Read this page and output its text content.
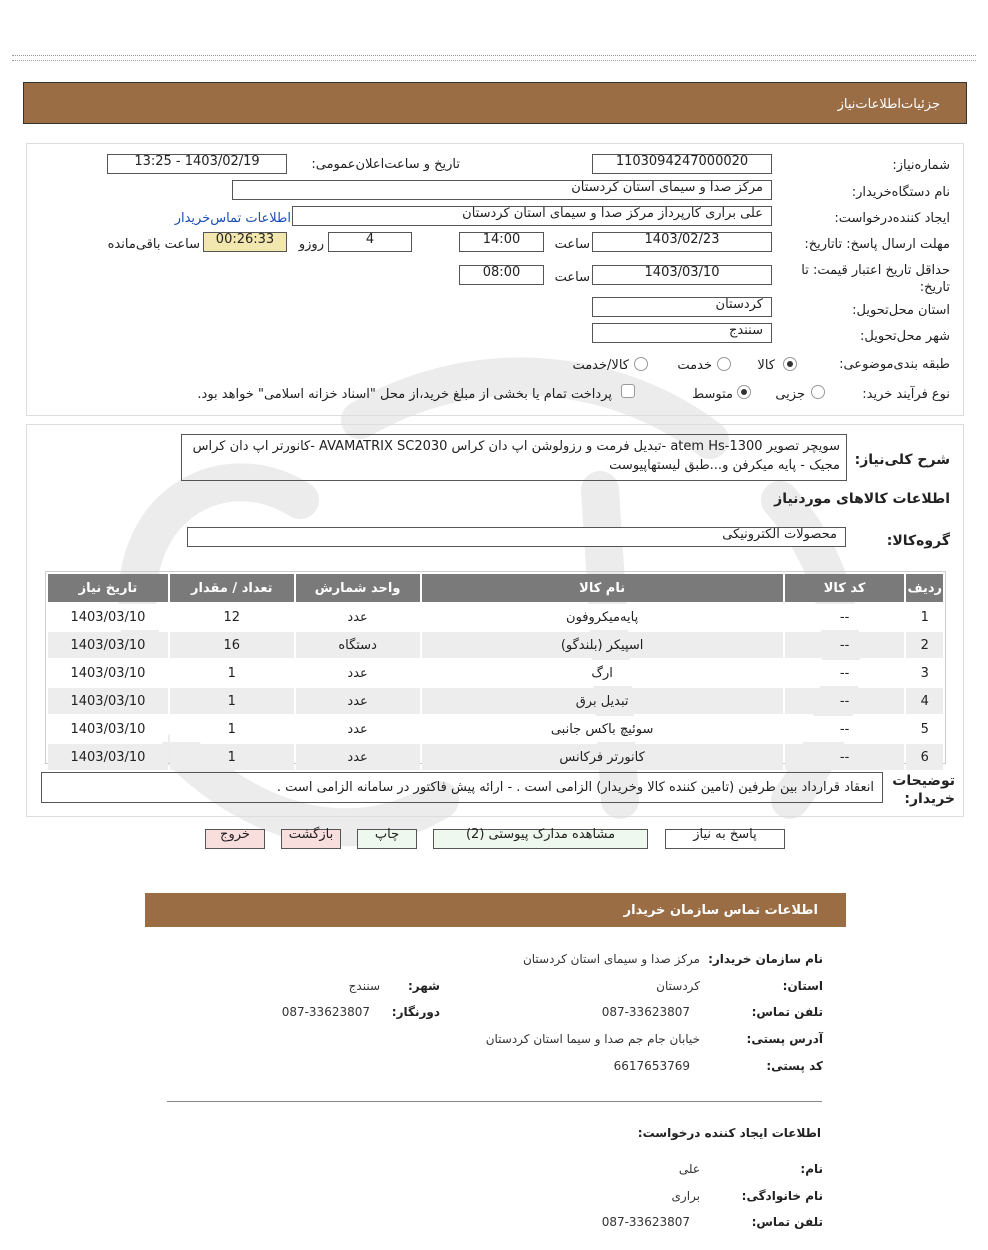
جزئیات‌اطلاعات‌نیاز
شماره‌نیاز:
1103094247000020
تاریخ و ساعت‌اعلان‌عمومی:
1403/02/19 - 13:25
نام دستگاه‌خریدار:
مرکز صدا و سیمای استان کردستان
ایجاد کننده‌درخواست:
علی براری کارپرداز مرکز صدا و سیمای استان کردستان
اطلاعات تماس‌خریدار
مهلت ارسال پاسخ: تاتاریخ:
1403/02/23
ساعت
14:00
4
روزو
00:26:33
ساعت باقی‌مانده
حداقل تاریخ اعتبار قیمت: تا تاریخ:
1403/03/10
ساعت
08:00
استان محل‌تحویل:
کردستان
شهر محل‌تحویل:
سنندج
طبقه بندی‌موضوعی:
کالا
خدمت
کالا/خدمت
نوع فرآیند خرید:
جزیی
متوسط
پرداخت تمام یا بخشی از مبلغ خرید،از محل "اسناد خزانه اسلامی" خواهد بود.
شرح کلی‌نیاز:
سویچر تصویر atem Hs-1300 -تبدیل فرمت و رزولوشن اپ دان کراس AVAMATRIX SC2030 -کانورتر اپ دان کراس مجیک - پایه میکرفن و...طبق لیستهاپیوست
اطلاعات کالاهای موردنیاز
گروه‌کالا:
محصولات الکترونیکی
ردیف	کد کالا	نام کالا	واحد شمارش	تعداد / مقدار	تاریخ نیاز
1	--	پایه‌میکروفون	عدد	12	1403/03/10
2	--	اسپیکر (بلندگو)	دستگاه	16	1403/03/10
3	--	ارگ	عدد	1	1403/03/10
4	--	تبدیل برق	عدد	1	1403/03/10
5	--	سوئیچ باکس جانبی	عدد	1	1403/03/10
6	--	کانورتر فرکانس	عدد	1	1403/03/10
توضیحات خریدار:
انعقاد قرارداد بین طرفین (تامین کننده کالا وخریدار) الزامی است . - ارائه پیش فاکتور در سامانه الزامی است .
پاسخ به نیاز
مشاهده مدارک پیوستی (2)
چاپ
بازگشت
خروج
اطلاعات تماس سازمان خریدار
نام سازمان خریدار:
مرکز صدا و سیمای استان کردستان
استان:
کردستان
شهر:
سنندج
تلفن تماس:
087-33623807
دورنگار:
087-33623807
آدرس پستی:
خیابان جام جم صدا و سیما استان کردستان
کد پستی:
6617653769
اطلاعات ایجاد کننده درخواست:
نام:
علی
نام خانوادگی:
براری
تلفن تماس:
087-33623807
